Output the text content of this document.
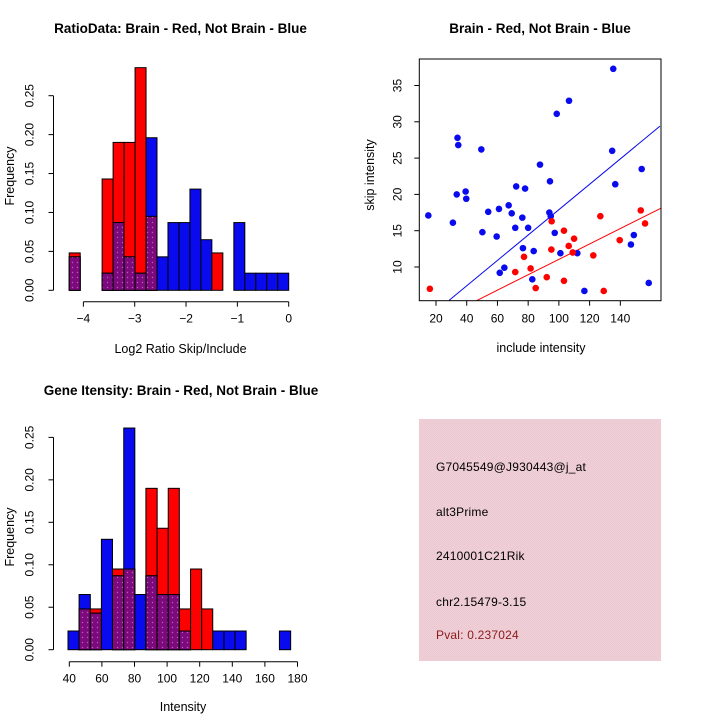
0.00
0.05
0.10
0.15
0.20
0.25
−4	−3	−2	−1	0
RatioData: Brain - Red, Not Brain - Blue
Log2 Ratio Skip/Include
Frequency
20 40 60 80 100 120 140
10
15
20
25
30
35
Brain - Red, Not Brain - Blue
include intensity
skip intensity
0.00
0.05
0.10
0.15
0.20
0.25
40 60 80 100 120 140 160 180
Gene Itensity: Brain - Red, Not Brain - Blue
Intensity
Frequency
G7045549@J930443@j_at
alt3Prime
2410001C21Rik
chr2.15479-3.15
Pval: 0.237024
